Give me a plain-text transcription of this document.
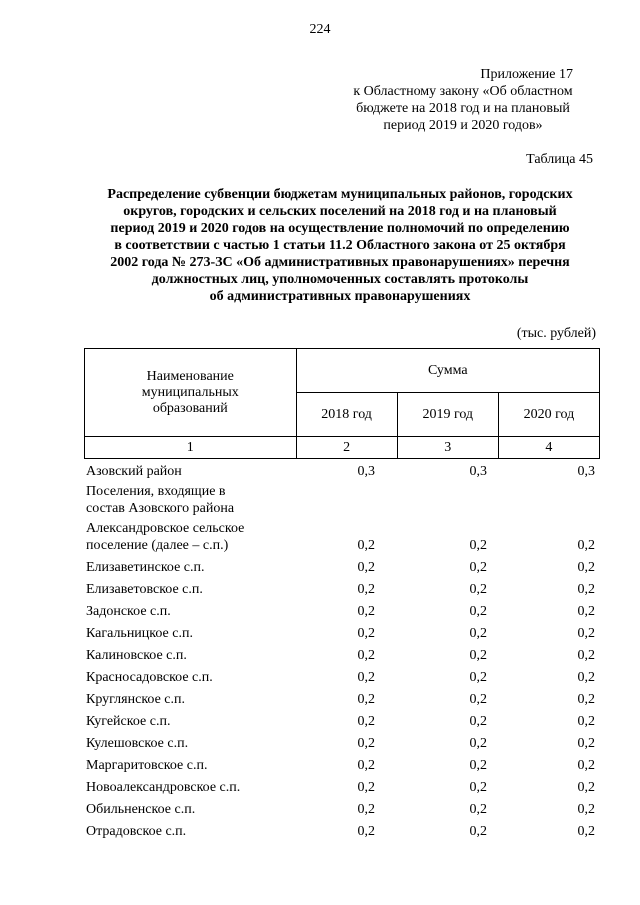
224
Приложение 17
к Областному закону «Об областном
бюджете на 2018 год и на плановый
период 2019 и 2020 годов»
Таблица 45
Распределение субвенции бюджетам муниципальных районов, городских
округов, городских и сельских поселений на 2018 год и на плановый
период 2019 и 2020 годов на осуществление полномочий по определению
в соответствии с частью 1 статьи 11.2 Областного закона от 25 октября
2002 года № 273-ЗС «Об административных правонарушениях» перечня
должностных лиц, уполномоченных составлять протоколы
об административных правонарушениях
(тыс. рублей)
Наименование муниципальных образований	Сумма		
	2018 год	2019 год	2020 год
1	2	3	4
Азовский район	0,3	0,3	0,3
Поселения, входящие в состав Азовского района
Александровское сельское поселение (далее – с.п.)	0,2	0,2	0,2
Елизаветинское с.п.	0,2	0,2	0,2
Елизаветовское с.п.	0,2	0,2	0,2
Задонское с.п.	0,2	0,2	0,2
Кагальницкое с.п.	0,2	0,2	0,2
Калиновское с.п.	0,2	0,2	0,2
Красносадовское с.п.	0,2	0,2	0,2
Круглянское с.п.	0,2	0,2	0,2
Кугейское с.п.	0,2	0,2	0,2
Кулешовское с.п.	0,2	0,2	0,2
Маргаритовское с.п.	0,2	0,2	0,2
Новоалександровское с.п.	0,2	0,2	0,2
Обильненское с.п.	0,2	0,2	0,2
Отрадовское с.п.	0,2	0,2	0,2
